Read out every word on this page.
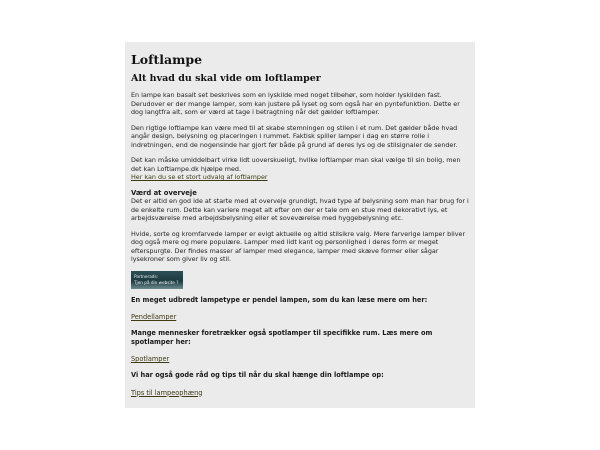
Loftlampe
Alt hvad du skal vide om loftlamper

En lampe kan basalt set beskrives som en lyskilde med noget tilbehør, som holder lyskilden fast. Derudover er der mange lamper, som kan justere på lyset og som også har en pyntefunktion. Dette er dog langtfra alt, som er værd at tage i betragtning når det gælder loftlamper.

Den rigtige loftlampe kan være med til at skabe stemningen og stilen i et rum. Det gælder både hvad angår design, belysning og placeringen i rummet. Faktisk spiller lamper i dag en større rolle i indretningen, end de nogensinde har gjort før både på grund af deres lys og de stilsignaler de sender.

Det kan måske umiddelbart virke lidt uoverskueligt, hvilke loftlamper man skal vælge til sin bolig, men det kan Loftlampe.dk hjælpe med.
Her kan du se et stort udvalg af loftlamper

Værd at overveje

Det er altid en god ide at starte med at overveje grundigt, hvad type af belysning som man har brug for i de enkelte rum. Dette kan variere meget alt efter om der er tale om en stue med dekorativt lys, et arbejdsværelse med arbejdsbelysning eller et soveværelse med hyggebelysning etc.

Hvide, sorte og kromfarvede lamper er evigt aktuelle og altid stilsikre valg. Mere farverige lamper bliver dog også mere og mere populære. Lamper med lidt kant og personlighed i deres form er meget efterspurgte. Der findes masser af lamper med elegance, lamper med skæve former eller sågar lysekroner som giver liv og stil.

Partnerads:
Tjen på din website ?
En meget udbredt lampetype er pendel lampen, som du kan læse mere om her:
Pendellamper
Mange mennesker foretrækker også spotlamper til specifikke rum. Læs mere om spotlamper her:
Spotlamper
Vi har også gode råd og tips til når du skal hænge din loftlampe op:
Tips til lampeophæng
